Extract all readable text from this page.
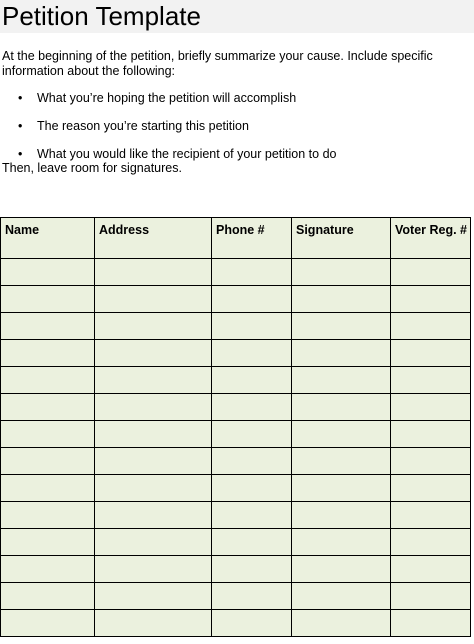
Petition Template
At the beginning of the petition, briefly summarize your cause. Include specific information about the following:
• What you’re hoping the petition will accomplish
• The reason you’re starting this petition
• What you would like the recipient of your petition to do
Then, leave room for signatures.
Name	Address	Phone #	Signature	Voter Reg. #
